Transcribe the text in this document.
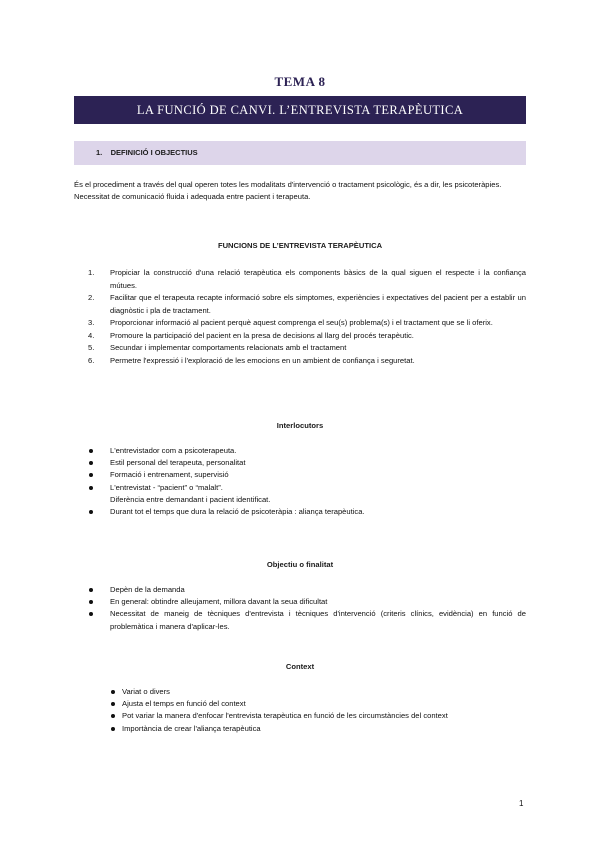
TEMA 8
LA FUNCIÓ DE CANVI. L’ENTREVISTA TERAPÈUTICA
1.    DEFINICIÓ I OBJECTIUS

És el procediment a través del qual operen totes les modalitats d'intervenció o tractament psicològic, és a dir, les psicoteràpies.

Necessitat de comunicació fluida i adequada entre pacient i terapeuta.

FUNCIONS DE L’ENTREVISTA TERAPÈUTICA
1. Propiciar la construcció d'una relació terapèutica els components bàsics de la qual siguen el respecte i la confiança mútues.
2. Facilitar que el terapeuta recapte informació sobre els simptomes, experiències i expectatives del pacient per a establir un diagnòstic i pla de tractament.
3. Proporcionar informació al pacient perquè aquest comprenga el seu(s) problema(s) i el tractament que se li oferix.
4. Promoure la participació del pacient en la presa de decisions al llarg del procés terapèutic.
5. Secundar i implementar comportaments relacionats amb el tractament
6. Permetre l'expressió i l'exploració de les emocions en un ambient de confiança i seguretat.
Interlocutors
L'entrevistador com a psicoterapeuta.
Estil personal del terapeuta, personalitat
Formació i entrenament, supervisió
L'entrevistat - “pacient” o “malalt”.
Diferència entre demandant i pacient identificat.
Durant tot el temps que dura la relació de psicoteràpia : aliança terapèutica.
Objectiu o finalitat
Depèn de la demanda
En general: obtindre alleujament, millora davant la seua dificultat
Necessitat de maneig de tècniques d'entrevista i tècniques d'intervenció (criteris clínics, evidència) en funció de problemàtica i manera d'aplicar-les.
Context
Variat o divers
Ajusta el temps en funció del context
Pot variar la manera d'enfocar l'entrevista terapèutica en funció de les circumstàncies del context
Importància de crear l'aliança terapèutica
1
